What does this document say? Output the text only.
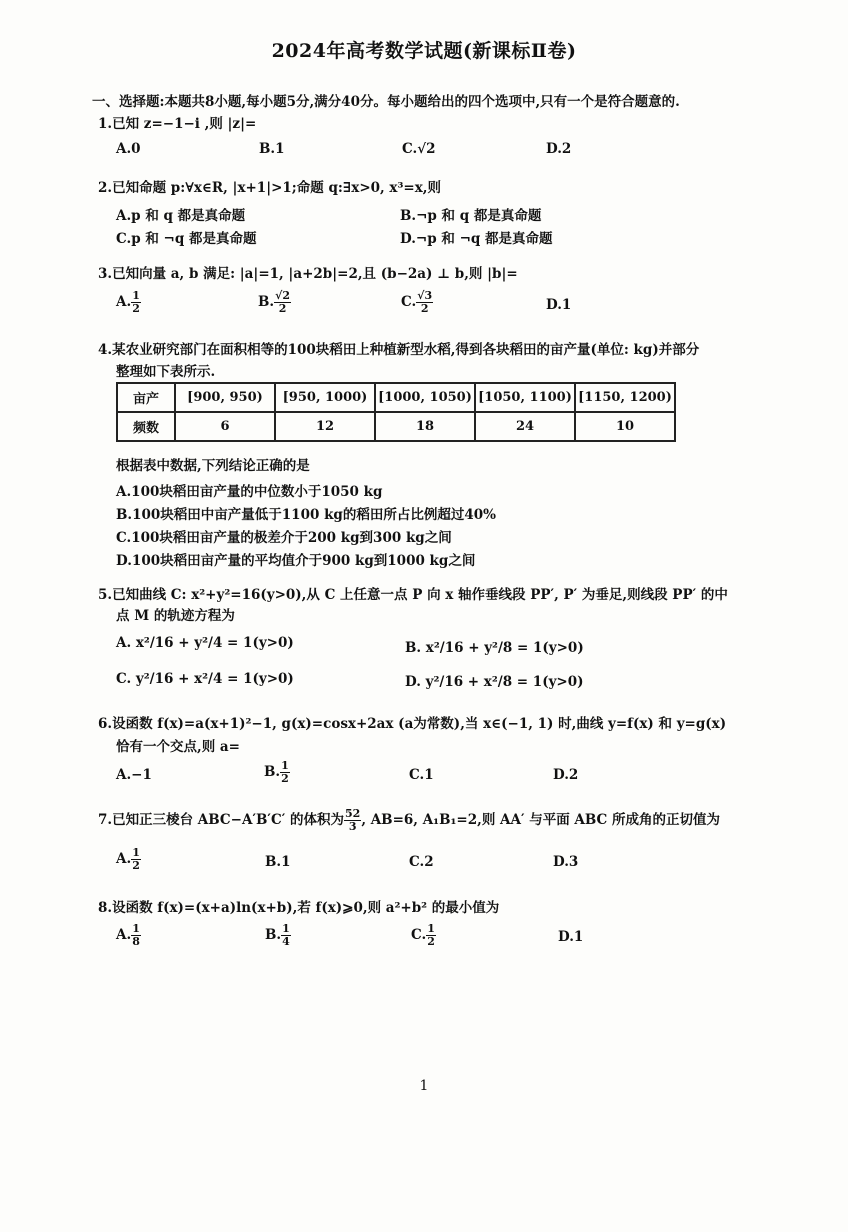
2024年高考数学试题(新课标Ⅱ卷)
一、选择题:本题共8小题,每小题5分,满分40分。每小题给出的四个选项中,只有一个是符合题意的.
1.已知 z=−1−i ,则 |z|=
A.0	B.1	C.√2	D.2
2.已知命题 p:∀x∈R, |x+1|>1;命题 q:∃x>0, x³=x,则
A.p 和 q 都是真命题	B.¬p 和 q 都是真命题
C.p 和 ¬q 都是真命题	D.¬p 和 ¬q 都是真命题
3.已知向量 a, b 满足: |a|=1, |a+2b|=2,且 (b−2a) ⊥ b,则 |b|=
A. $\frac{1}{2}$	B. $\frac{√2}{2}$	C. $\frac{√3}{2}$	D.1
4.某农业研究部门在面积相等的100块稻田上种植新型水稻,得到各块稻田的亩产量(单位: kg)并部分
整理如下表所示.
亩产	[900, 950)	[950, 1000)	[1000, 1050)	[1050, 1100)	[1150, 1200)
频数	6	12	18	24	10
根据表中数据,下列结论正确的是
A.100块稻田亩产量的中位数小于1050 kg
B.100块稻田中亩产量低于1100 kg的稻田所占比例超过40%
C.100块稻田亩产量的极差介于200 kg到300 kg之间
D.100块稻田亩产量的平均值介于900 kg到1000 kg之间
5.已知曲线 C: x²+y²=16(y>0),从 C 上任意一点 P 向 x 轴作垂线段 PP′, P′ 为垂足,则线段 PP′ 的中
点 M 的轨迹方程为
A. x²/16 + y²/4 = 1(y>0)	B. x²/16 + y²/8 = 1(y>0)
C. y²/16 + x²/4 = 1(y>0)	D. y²/16 + x²/8 = 1(y>0)
6.设函数 f(x)=a(x+1)²−1, g(x)=cosx+2ax (a为常数),当 x∈(−1, 1) 时,曲线 y=f(x) 和 y=g(x)
恰有一个交点,则 a=
A.−1	B. $\frac{1}{2}$	C.1	D.2
7.已知正三棱台 ABC−A′B′C′ 的体积为 $\frac{52}{3}$ , AB=6, A₁B₁=2,则 AA′ 与平面 ABC 所成角的正切值为
A. $\frac{1}{2}$	B.1	C.2	D.3
8.设函数 f(x)=(x+a)ln(x+b),若 f(x)⩾0,则 a²+b² 的最小值为
A. $\frac{1}{8}$	B. $\frac{1}{4}$	C. $\frac{1}{2}$	D.1
1
